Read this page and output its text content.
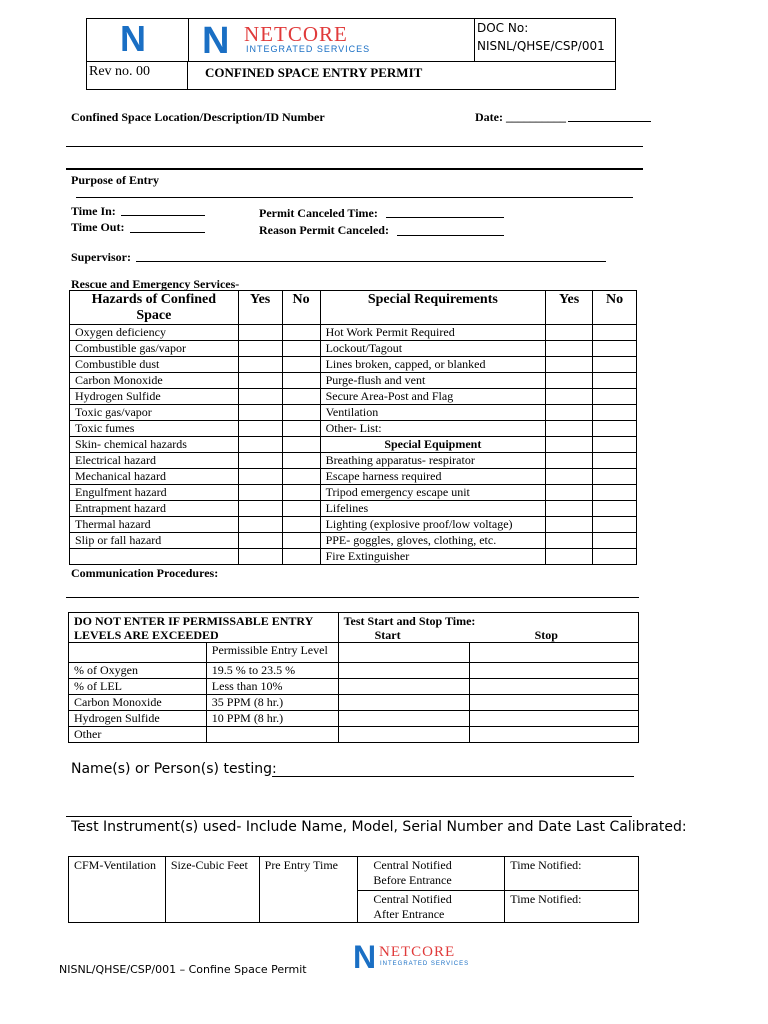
N N NETCORE
INTEGRATED SERVICES
DOC No:
NISNL/QHSE/CSP/001
Rev no. 00	CONFINED SPACE ENTRY PERMIT
Confined Space Location/Description/ID Number	Date: __________
Purpose of Entry
Time In:
Time Out:
Permit Canceled Time:
Reason Permit Canceled:
Supervisor:
Rescue and Emergency Services-
Hazards of Confined Space	Yes	No	Special Requirements	Yes	No
Oxygen deficiency			Hot Work Permit Required		
Combustible gas/vapor			Lockout/Tagout		
Combustible dust			Lines broken, capped, or blanked		
Carbon Monoxide			Purge-flush and vent		
Hydrogen Sulfide			Secure Area-Post and Flag		
Toxic gas/vapor			Ventilation		
Toxic fumes			Other- List:		
Skin- chemical hazards			Special Equipment		
Electrical hazard			Breathing apparatus- respirator		
Mechanical hazard			Escape harness required		
Engulfment hazard			Tripod emergency escape unit		
Entrapment hazard			Lifelines		
Thermal hazard			Lighting (explosive proof/low voltage)		
Slip or fall hazard			PPE- goggles, gloves, clothing, etc.		
			Fire Extinguisher		
Communication Procedures:
DO NOT ENTER IF PERMISSABLE ENTRY LEVELS ARE EXCEEDED		Test Start and Stop Time:
Start Stop	

	Permissible Entry Level		
% of Oxygen	19.5 % to 23.5 %		
% of LEL	Less than 10%		
Carbon Monoxide	35 PPM (8 hr.)		
Hydrogen Sulfide	10 PPM (8 hr.)		
Other			
Name(s) or Person(s) testing:
Test Instrument(s) used- Include Name, Model, Serial Number and Date Last Calibrated:
CFM-Ventilation	Size-Cubic Feet	Pre Entry Time	Central Notified Before Entrance	Time Notified:

			Central Notified After Entrance	Time Notified:
N NETCORE
INTEGRATED SERVICES
NISNL/QHSE/CSP/001 – Confine Space Permit
